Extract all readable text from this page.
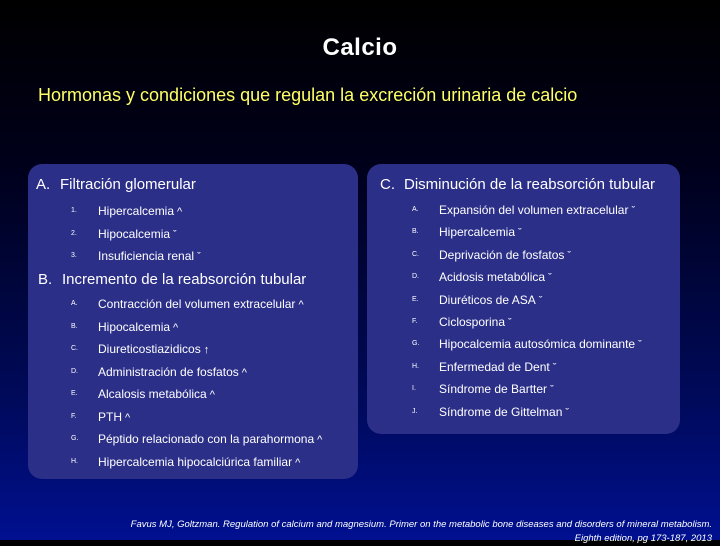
Calcio
Hormonas y condiciones que regulan la excreción urinaria de calcio
A. Filtración glomerular
1. Hipercalcemia ^
2. Hipocalcemia ˇ
3. Insuficiencia renal ˇ
B. Incremento de la reabsorción tubular
A. Contracción del volumen extracelular ^
B. Hipocalcemia ^
C. Diureticostiazidicos ↑
D. Administración de fosfatos ^
E. Alcalosis metabólica ^
F. PTH ^
G. Péptido relacionado con la parahormona ^
H. Hipercalcemia hipocalciúrica familiar ^
C. Disminución de la reabsorción tubular
A. Expansión del volumen extracelular ˇ
B. Hipercalcemia ˇ
C. Deprivación de fosfatos ˇ
D. Acidosis metabólica ˇ
E. Diuréticos de ASA ˇ
F. Ciclosporina ˇ
G. Hipocalcemia autosómica dominante ˇ
H. Enfermedad de Dent ˇ
I. Síndrome de Bartter ˇ
J. Síndrome de Gittelman ˇ
Favus MJ, Goltzman. Regulation of calcium and magnesium. Primer on the metabolic bone diseases and disorders of mineral metabolism.
Eighth edition, pg 173-187, 2013
